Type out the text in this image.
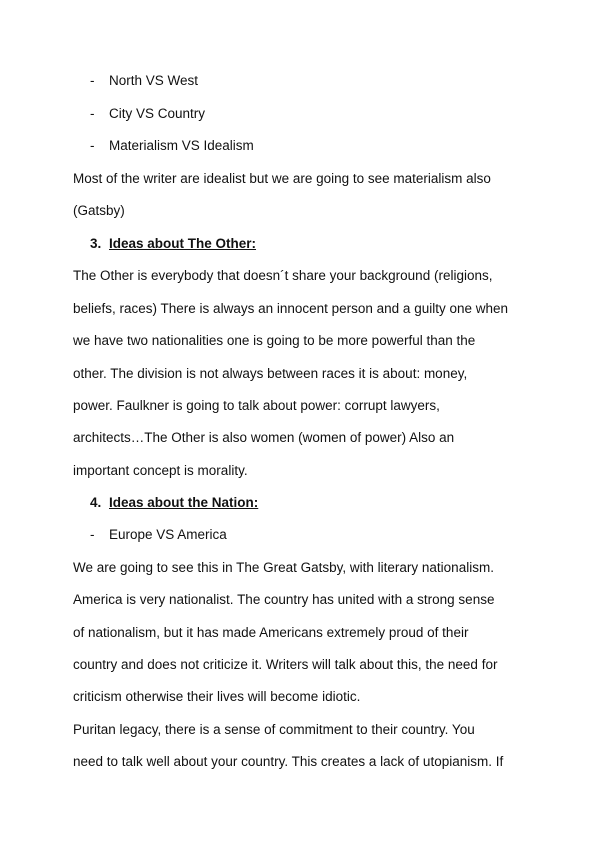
- North VS West
- City VS Country
- Materialism VS Idealism
Most of the writer are idealist but we are going to see materialism also
(Gatsby)
3. Ideas about The Other:
The Other is everybody that doesn´t share your background (religions,
beliefs, races) There is always an innocent person and a guilty one when
we have two nationalities one is going to be more powerful than the
other. The division is not always between races it is about: money,
power. Faulkner is going to talk about power: corrupt lawyers,
architects…The Other is also women (women of power) Also an
important concept is morality.
4. Ideas about the Nation:
- Europe VS America
We are going to see this in The Great Gatsby, with literary nationalism.
America is very nationalist. The country has united with a strong sense
of nationalism, but it has made Americans extremely proud of their
country and does not criticize it. Writers will talk about this, the need for
criticism otherwise their lives will become idiotic.
Puritan legacy, there is a sense of commitment to their country. You
need to talk well about your country. This creates a lack of utopianism. If
